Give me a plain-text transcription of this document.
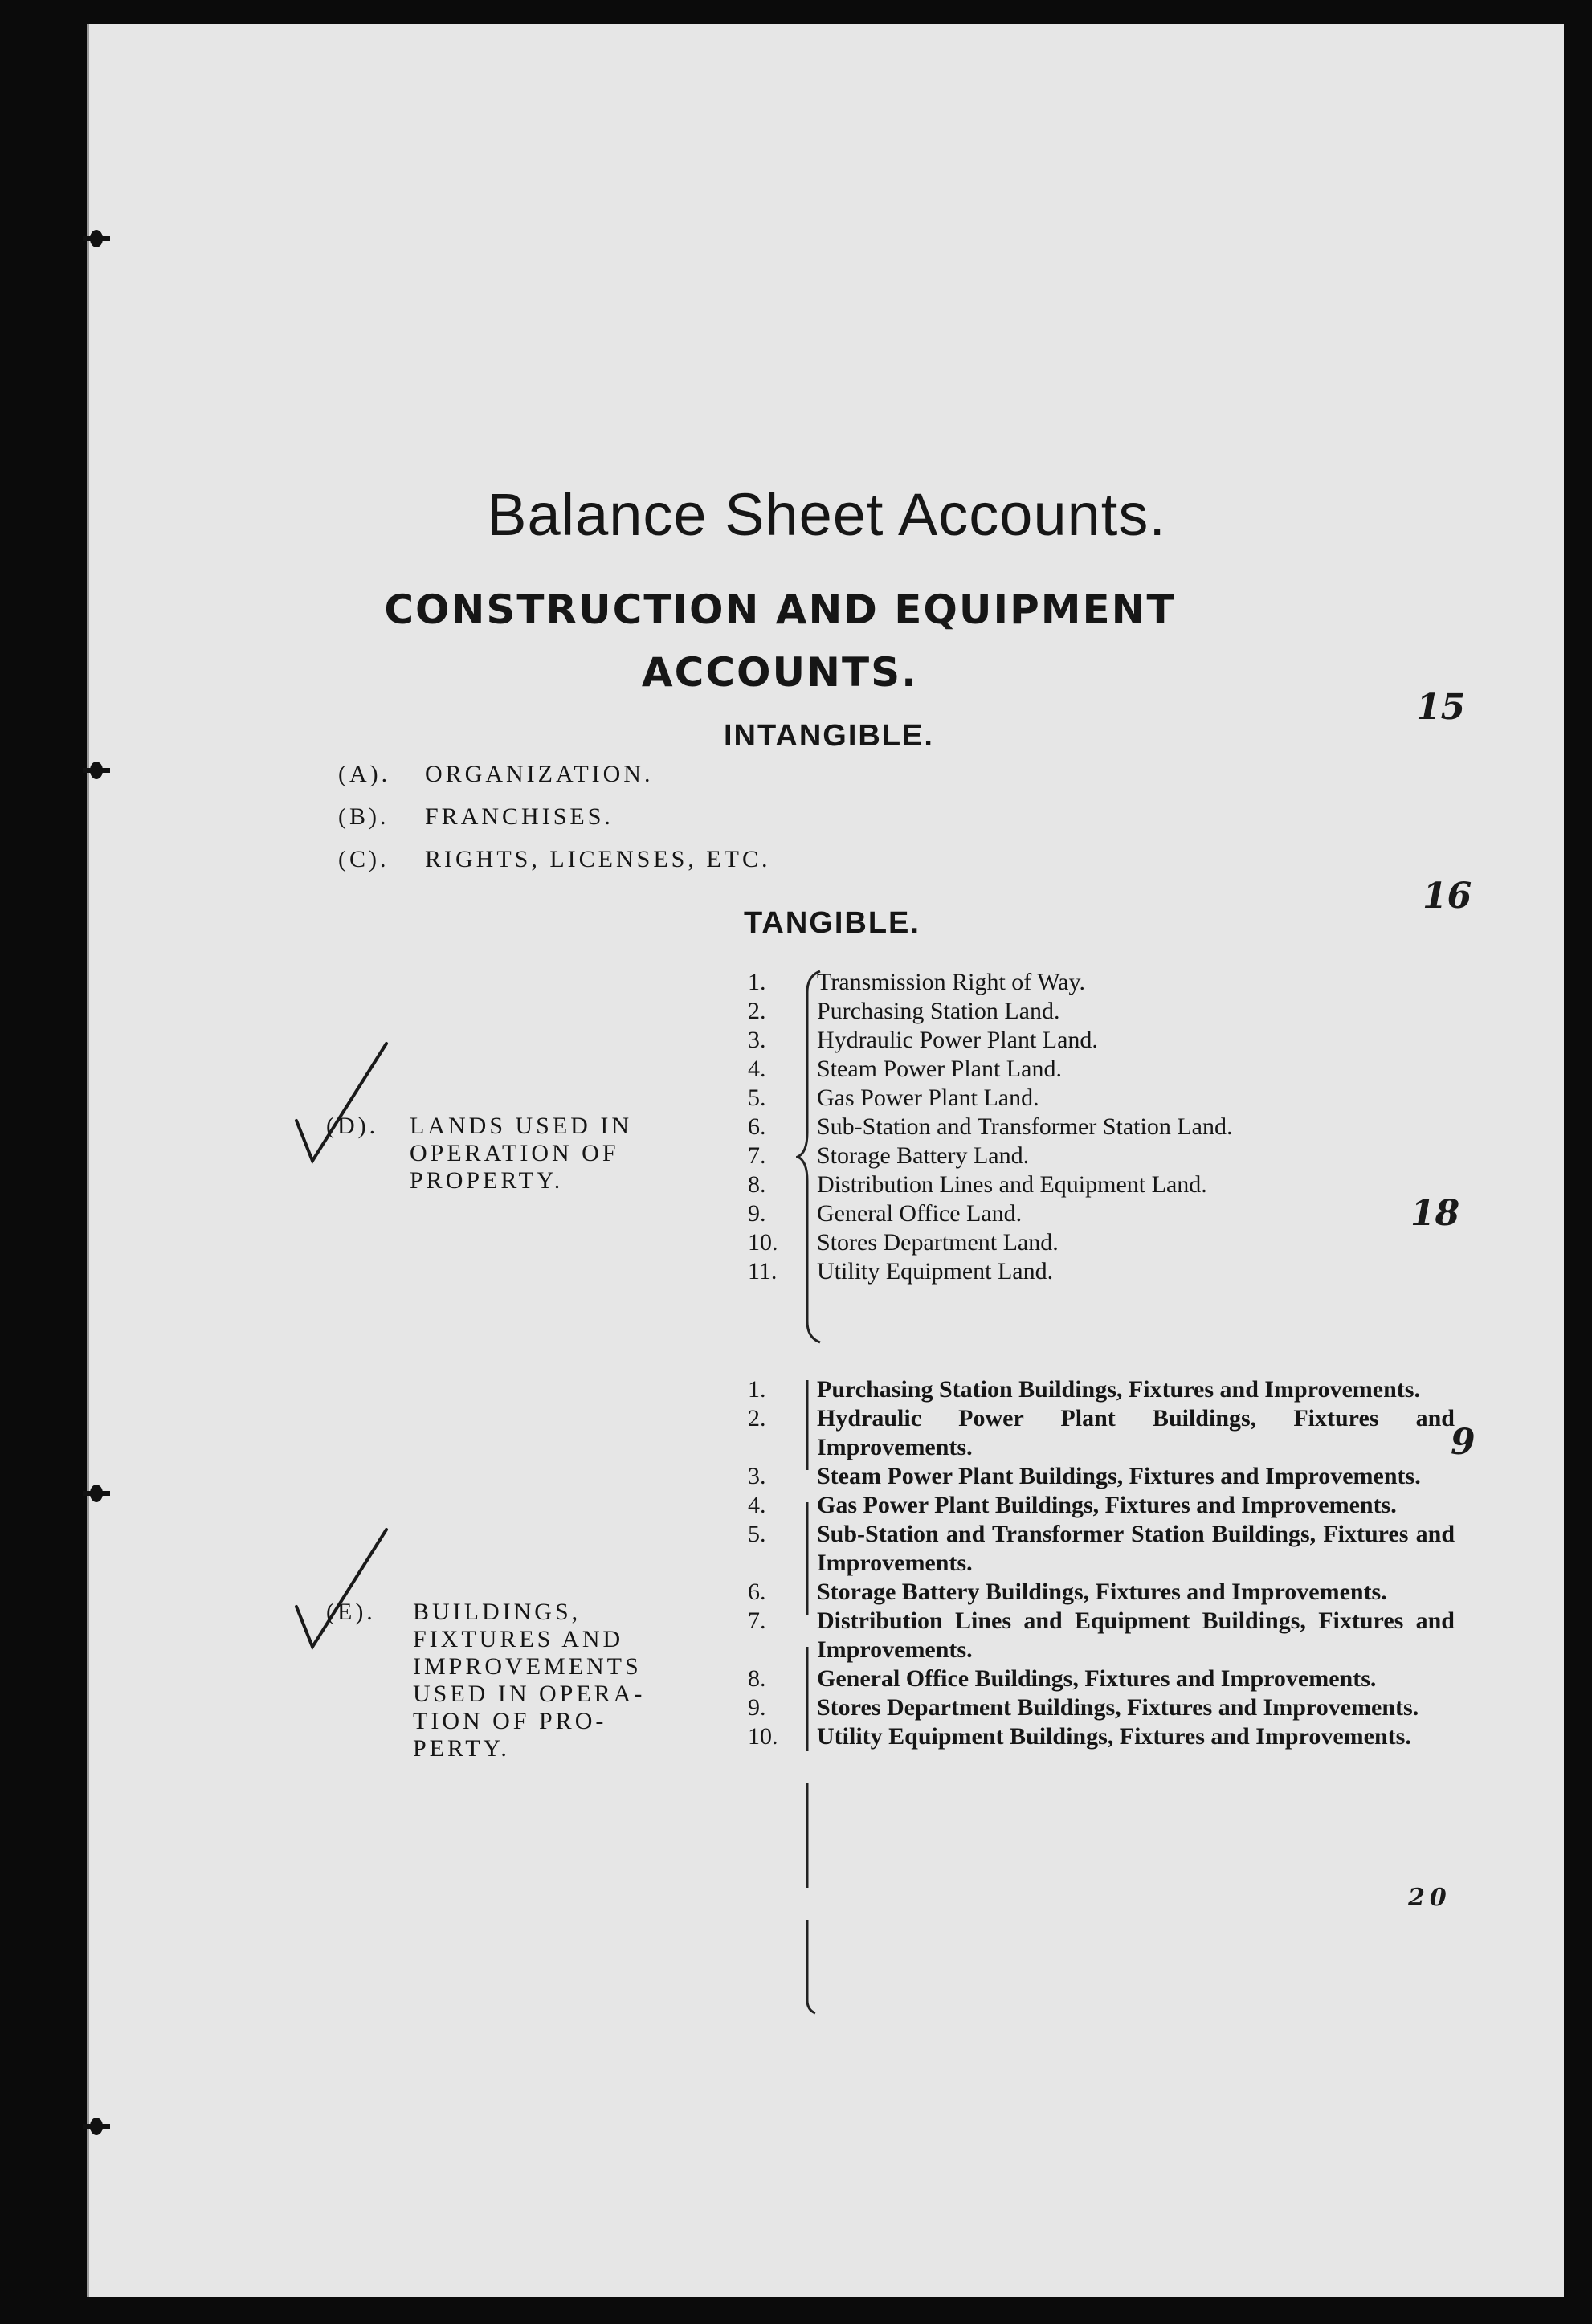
Balance Sheet Accounts.
CONSTRUCTION AND EQUIPMENT
ACCOUNTS.
INTANGIBLE.
(A). ORGANIZATION.
(B). FRANCHISES.
(C). RIGHTS, LICENSES, ETC.
TANGIBLE.
(D). LANDS USED IN
OPERATION OF
PROPERTY.
1.	Transmission Right of Way.
2.	Purchasing Station Land.
3.	Hydraulic Power Plant Land.
4.	Steam Power Plant Land.
5.	Gas Power Plant Land.
6.	Sub-Station and Transformer Station Land.
7.	Storage Battery Land.
8.	Distribution Lines and Equipment Land.
9.	General Office Land.
10.	Stores Department Land.
11.	Utility Equipment Land.
(E). BUILDINGS,
FIXTURES AND
IMPROVEMENTS
USED IN OPERA-
TION OF PRO-
PERTY.
1.	Purchasing Station Buildings, Fixtures and Improvements.
2.	Hydraulic Power Plant Buildings, Fixtures and Improvements.
3.	Steam Power Plant Buildings, Fixtures and Improvements.
4.	Gas Power Plant Buildings, Fixtures and Improvements.
5.	Sub-Station and Transformer Station Buildings, Fixtures and Improvements.
6.	Storage Battery Buildings, Fixtures and Improvements.
7.	Distribution Lines and Equipment Buildings, Fixtures and Improvements.
8.	General Office Buildings, Fixtures and Improvements.
9.	Stores Department Buildings, Fixtures and Improvements.
10.	Utility Equipment Buildings, Fixtures and Improvements.
15
16
18
9
20
